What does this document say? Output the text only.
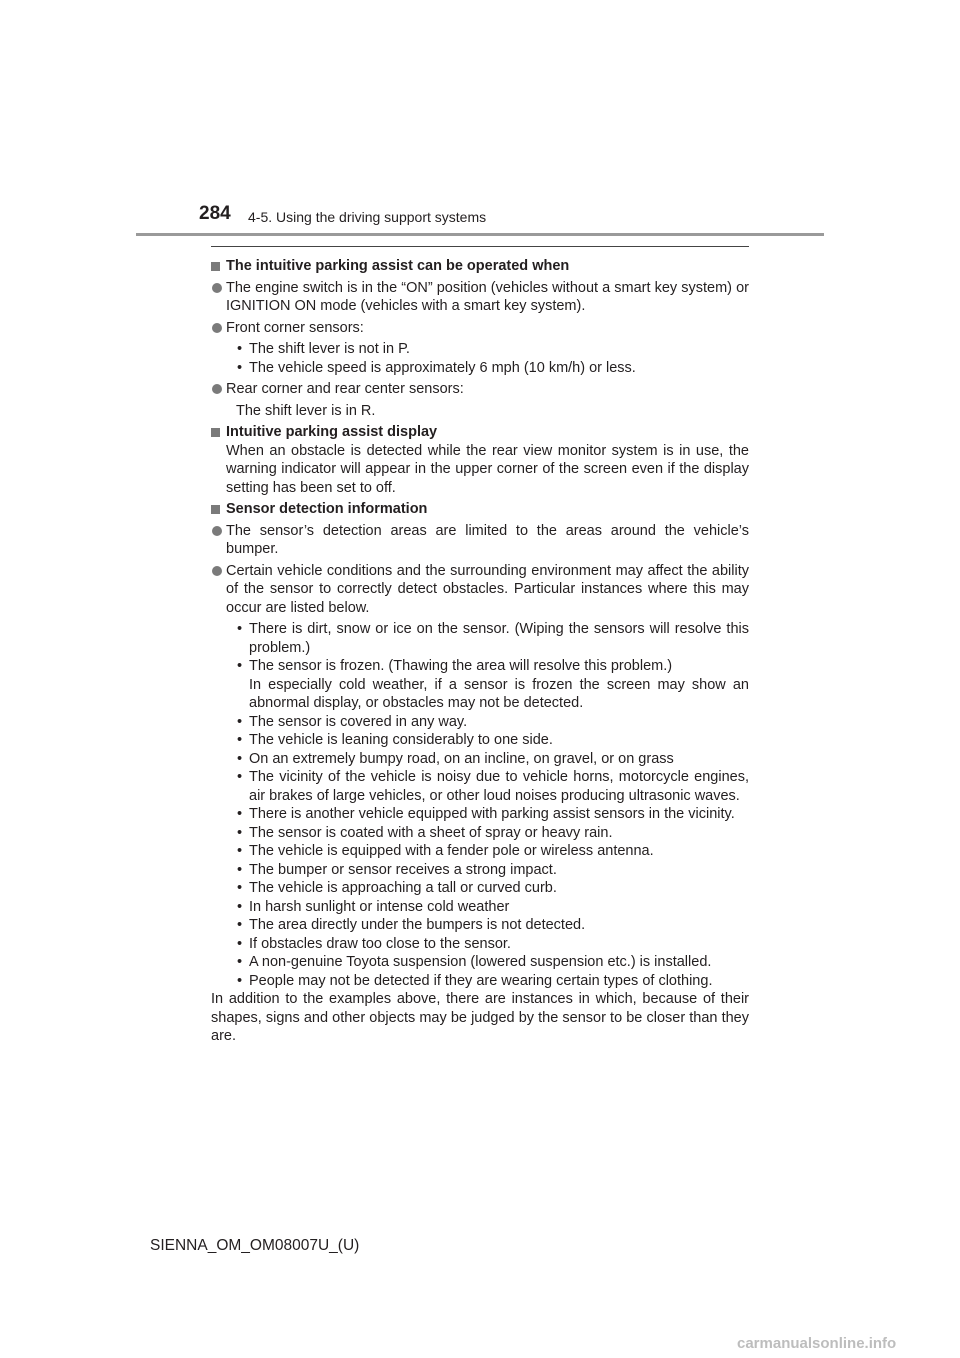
284 4-5. Using the driving support systems
The intuitive parking assist can be operated when
The engine switch is in the “ON” position (vehicles without a smart key system) or IGNITION ON mode (vehicles with a smart key system).
Front corner sensors:
• The shift lever is not in P.
• The vehicle speed is approximately 6 mph (10 km/h) or less.
Rear corner and rear center sensors:
The shift lever is in R.
Intuitive parking assist display
When an obstacle is detected while the rear view monitor system is in use, the warning indicator will appear in the upper corner of the screen even if the display setting has been set to off.
Sensor detection information
The sensor’s detection areas are limited to the areas around the vehicle’s bumper.
Certain vehicle conditions and the surrounding environment may affect the ability of the sensor to correctly detect obstacles. Particular instances where this may occur are listed below.
• There is dirt, snow or ice on the sensor. (Wiping the sensors will resolve this problem.)
• The sensor is frozen. (Thawing the area will resolve this problem.)
In especially cold weather, if a sensor is frozen the screen may show an abnormal display, or obstacles may not be detected.
• The sensor is covered in any way.
• The vehicle is leaning considerably to one side.
• On an extremely bumpy road, on an incline, on gravel, or on grass
• The vicinity of the vehicle is noisy due to vehicle horns, motorcycle engines, air brakes of large vehicles, or other loud noises producing ultrasonic waves.
• There is another vehicle equipped with parking assist sensors in the vicinity.
• The sensor is coated with a sheet of spray or heavy rain.
• The vehicle is equipped with a fender pole or wireless antenna.
• The bumper or sensor receives a strong impact.
• The vehicle is approaching a tall or curved curb.
• In harsh sunlight or intense cold weather
• The area directly under the bumpers is not detected.
• If obstacles draw too close to the sensor.
• A non-genuine Toyota suspension (lowered suspension etc.) is installed.
• People may not be detected if they are wearing certain types of clothing.
In addition to the examples above, there are instances in which, because of their shapes, signs and other objects may be judged by the sensor to be closer than they are.
SIENNA_OM_OM08007U_(U)
carmanualsonline.info
